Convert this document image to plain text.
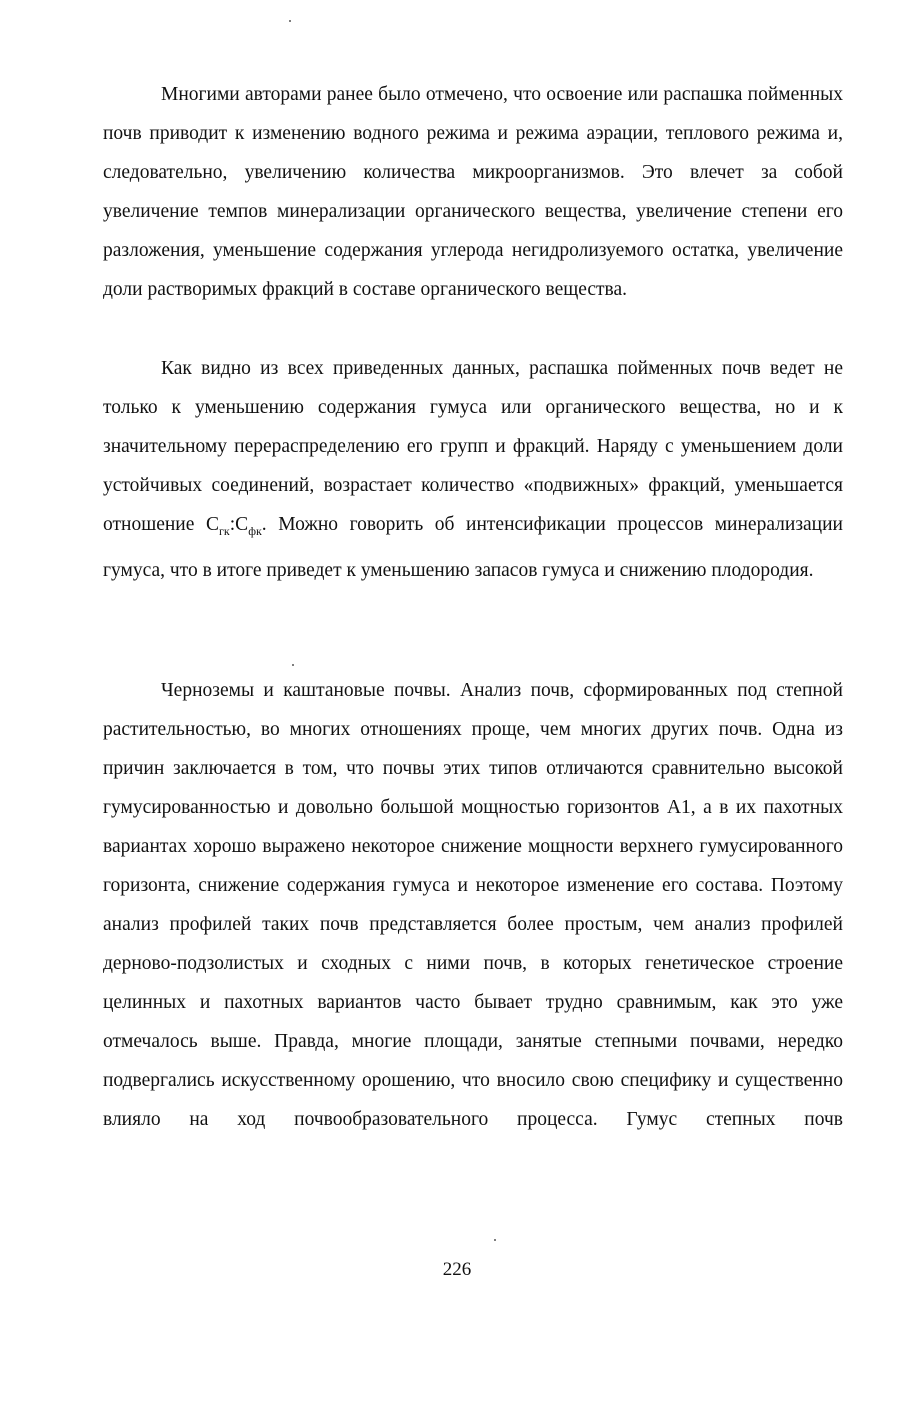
Многими авторами ранее было отмечено, что освоение или распашка пойменных почв приводит к изменению водного режима и режима аэрации, теплового режима и, следовательно, увеличению количества микроорганизмов. Это влечет за собой увеличение темпов минерализации органического вещества, увеличение степени его разложения, уменьшение содержания углерода негидролизуемого остатка, увеличение доли растворимых фракций в составе органического вещества.

Как видно из всех приведенных данных, распашка пойменных почв ведет не только к уменьшению содержания гумуса или органического вещества, но и к значительному перераспределению его групп и фракций. Наряду с уменьшением доли устойчивых соединений, возрастает количество «подвижных» фракций, уменьшается отношение $С_{гк}:С_{фк}$. Можно говорить об интенсификации процессов минерализации гумуса, что в итоге приведет к уменьшению запасов гумуса и снижению плодородия.

Черноземы и каштановые почвы. Анализ почв, сформированных под степной растительностью, во многих отношениях проще, чем многих других почв. Одна из причин заключается в том, что почвы этих типов отличаются сравнительно высокой гумусированностью и довольно большой мощностью горизонтов А1, а в их пахотных вариантах хорошо выражено некоторое снижение мощности верхнего гумусированного горизонта, снижение содержания гумуса и некоторое изменение его состава. Поэтому анализ профилей таких почв представляется более простым, чем анализ профилей дерново-подзолистых и сходных с ними почв, в которых генетическое строение целинных и пахотных вариантов часто бывает трудно сравнимым, как это уже отмечалось выше. Правда, многие площади, занятые степными почвами, нередко подвергались искусственному орошению, что вносило свою специфику и существенно влияло на ход почвообразовательного процесса. Гумус степных почв

226
